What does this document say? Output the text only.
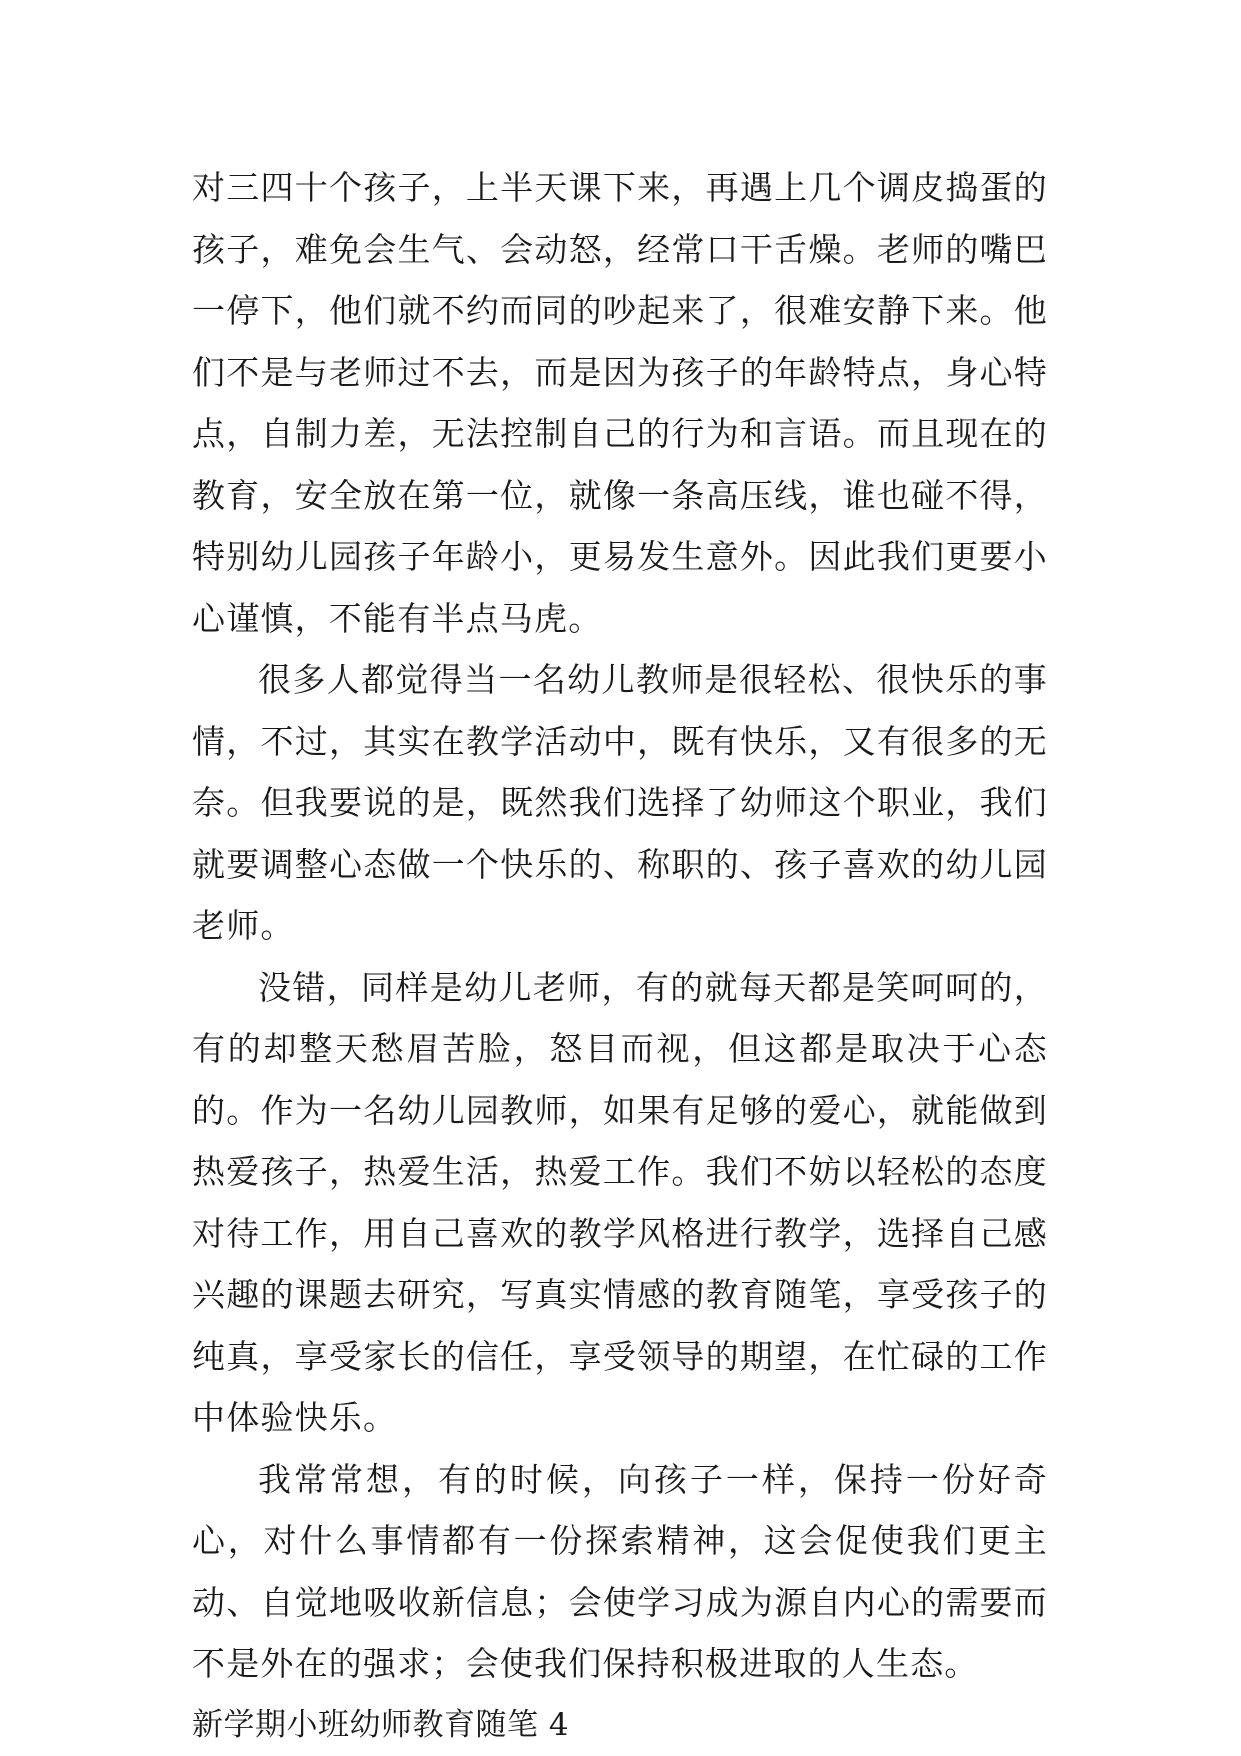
对三四十个孩子，上半天课下来，再遇上几个调皮捣蛋的孩子，难免会生气、会动怒，经常口干舌燥。老师的嘴巴一停下，他们就不约而同的吵起来了，很难安静下来。他们不是与老师过不去，而是因为孩子的年龄特点，身心特点，自制力差，无法控制自己的行为和言语。而且现在的教育，安全放在第一位，就像一条高压线，谁也碰不得，特别幼儿园孩子年龄小，更易发生意外。因此我们更要小心谨慎，不能有半点马虎。

很多人都觉得当一名幼儿教师是很轻松、很快乐的事情，不过，其实在教学活动中，既有快乐，又有很多的无奈。但我要说的是，既然我们选择了幼师这个职业，我们就要调整心态做一个快乐的、称职的、孩子喜欢的幼儿园老师。

没错，同样是幼儿老师，有的就每天都是笑呵呵的，有的却整天愁眉苦脸，怒目而视，但这都是取决于心态的。作为一名幼儿园教师，如果有足够的爱心，就能做到热爱孩子，热爱生活，热爱工作。我们不妨以轻松的态度对待工作，用自己喜欢的教学风格进行教学，选择自己感兴趣的课题去研究，写真实情感的教育随笔，享受孩子的纯真，享受家长的信任，享受领导的期望，在忙碌的工作中体验快乐。

我常常想，有的时候，向孩子一样，保持一份好奇心，对什么事情都有一份探索精神，这会促使我们更主动、自觉地吸收新信息；会使学习成为源自内心的需要而不是外在的强求；会使我们保持积极进取的人生态。

新学期小班幼师教育随笔 4
